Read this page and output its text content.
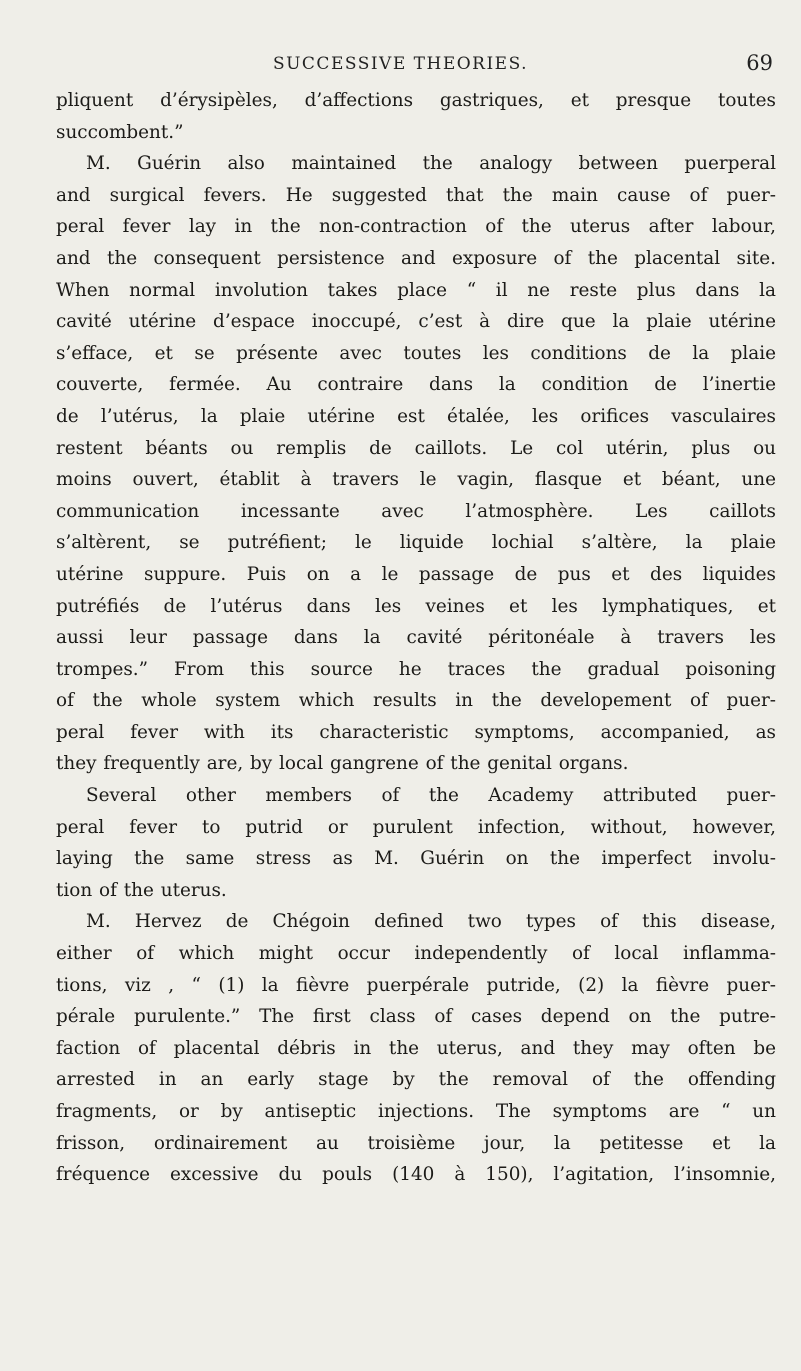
SUCCESSIVE THEORIES.	69
pliquent d’érysipèles, d’affections gastriques, et presque toutes
succombent.”
M. Guérin also maintained the analogy between puerperal
and surgical fevers. He suggested that the main cause of puer-
peral fever lay in the non-contraction of the uterus after labour,
and the consequent persistence and exposure of the placental site.
When normal involution takes place “ il ne reste plus dans la
cavité utérine d’espace inoccupé, c’est à dire que la plaie utérine
s’efface, et se présente avec toutes les conditions de la plaie
couverte, fermée. Au contraire dans la condition de l’inertie
de l’utérus, la plaie utérine est étalée, les orifices vasculaires
restent béants ou remplis de caillots. Le col utérin, plus ou
moins ouvert, établit à travers le vagin, flasque et béant, une
communication incessante avec l’atmosphère. Les caillots
s’altèrent, se putréfient; le liquide lochial s’altère, la plaie
utérine suppure. Puis on a le passage de pus et des liquides
putréfiés de l’utérus dans les veines et les lymphatiques, et
aussi leur passage dans la cavité péritonéale à travers les
trompes.” From this source he traces the gradual poisoning
of the whole system which results in the developement of puer-
peral fever with its characteristic symptoms, accompanied, as
they frequently are, by local gangrene of the genital organs.
Several other members of the Academy attributed puer-
peral fever to putrid or purulent infection, without, however,
laying the same stress as M. Guérin on the imperfect involu-
tion of the uterus.
M. Hervez de Chégoin defined two types of this disease,
either of which might occur independently of local inflamma-
tions, viz , “ (1) la fièvre puerpérale putride, (2) la fièvre puer-
pérale purulente.” The first class of cases depend on the putre-
faction of placental débris in the uterus, and they may often be
arrested in an early stage by the removal of the offending
fragments, or by antiseptic injections. The symptoms are “ un
frisson, ordinairement au troisième jour, la petitesse et la
fréquence excessive du pouls (140 à 150), l’agitation, l’insomnie,
